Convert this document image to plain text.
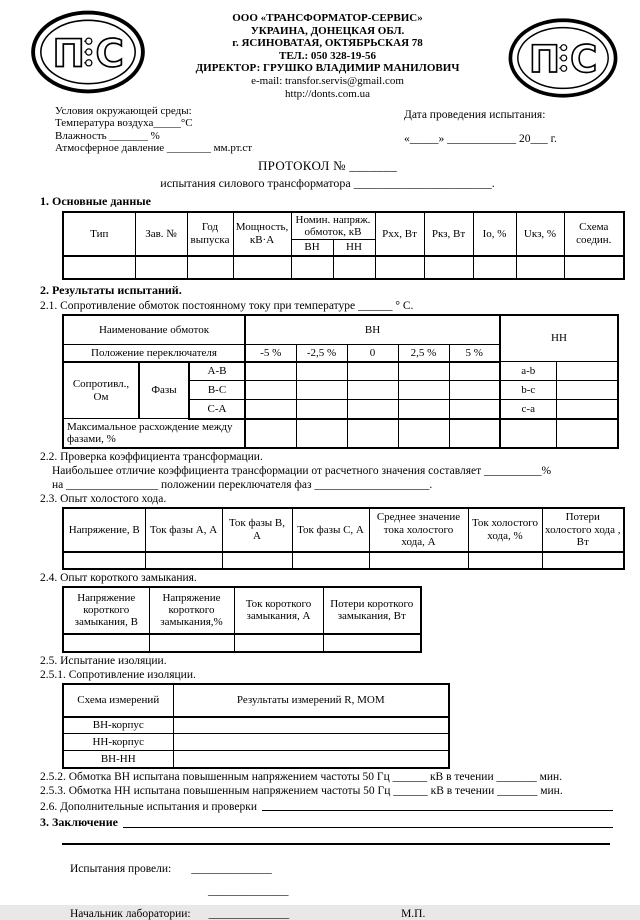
П С
ООО «ТРАНСФОРМАТОР-СЕРВИС»
УКРАИНА, ДОНЕЦКАЯ ОБЛ.
г. ЯСИНОВАТАЯ, ОКТЯБРЬСКАЯ 78
ТЕЛ.: 050 328-19-56
ДИРЕКТОР: ГРУШКО ВЛАДИМИР МАНИЛОВИЧ
e-mail: transfor.servis@gmail.com
http://donts.com.ua
П С
Условия окружающей среды:
Температура воздуха_____°С
Влажность _______ %
Атмосферное давление ________ мм.рт.ст
Дата проведения испытания:
«_____» ____________ 20___ г.
ПРОТОКОЛ № _______
испытания силового трансформатора _______________________.
1. Основные данные
Тип	Зав. №	Год выпуска	Мощность, кВ·А	Номин. напряж. обмоток, кВ		Рхх, Вт	Ркз, Вт	Iо, %	Uкз, %	Схема соедин.
				ВН	НН					

2. Результаты испытаний.
2.1. Сопротивление обмоток постоянному току при температуре ______ ° С.
Наименование обмоток			ВН					НН	
Положение переключателя			-5 %	-2,5 %	0	2,5 %	5 %		
Сопротивл., Ом	Фазы	А-В						a-b	
		В-С						b-c	
		С-А						c-a	
Максимальное расхождение между фазами, %									
2.2. Проверка коэффициента трансформации.
Наибольшее отличие коэффициента трансформации от расчетного значения составляет __________%
на ________________ положении переключателя фаз ____________________.
2.3. Опыт холостого хода.
Напряжение, В	Ток фазы А, А	Ток фазы В, А	Ток фазы С, А	Среднее значение тока холостого хода, А	Ток холостого хода, %	Потери холостого хода , Вт

2.4. Опыт короткого замыкания.
Напряжение короткого замыкания, В	Напряжение короткого замыкания,%	Ток короткого замыкания, А	Потери короткого замыкания, Вт

2.5. Испытание изоляции.
2.5.1. Сопротивление изоляции.
Схема измерений	Результаты измерений R, МОМ
ВН-корпус	
НН-корпус	
ВН-НН	
2.5.2. Обмотка ВН испытана повышенным напряжением частоты 50 Гц ______ кВ в течении _______ мин.
2.5.3. Обмотка НН испытана повышенным напряжением частоты 50 Гц ______ кВ в течении _______ мин.
2.6. Дополнительные испытания и проверки
3. Заключение
Испытания провели: ______________
______________
Начальник лаборатории: ______________	М.П.
